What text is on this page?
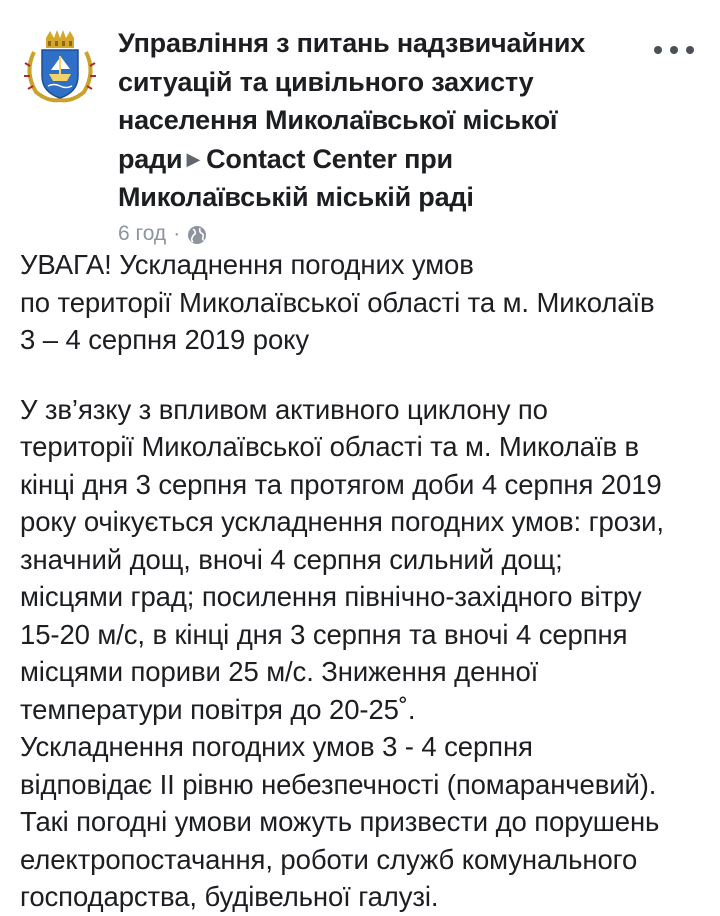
Управління з питань надзвичайних
ситуацій та цивільного захисту
населення Миколаївської міської
ради ▶ Contact Center при
Миколаївській міській раді

6 год ·

УВАГА! Ускладнення погодних умов
по території Миколаївської області та м. Миколаїв
3 – 4 серпня 2019 року

У зв’язку з впливом активного циклону по
території Миколаївської області та м. Миколаїв в
кінці дня 3 серпня та протягом доби 4 серпня 2019
року очікується ускладнення погодних умов: грози,
значний дощ, вночі 4 серпня сильний дощ;
місцями град; посилення північно-західного вітру
15-20 м/с, в кінці дня 3 серпня та вночі 4 серпня
місцями пориви 25 м/с. Зниження денної
температури повітря до 20-25˚.
Ускладнення погодних умов 3 - 4 серпня
відповідає ІІ рівню небезпечності (помаранчевий).
Такі погодні умови можуть призвести до порушень
електропостачання, роботи служб комунального
господарства, будівельної галузі.
